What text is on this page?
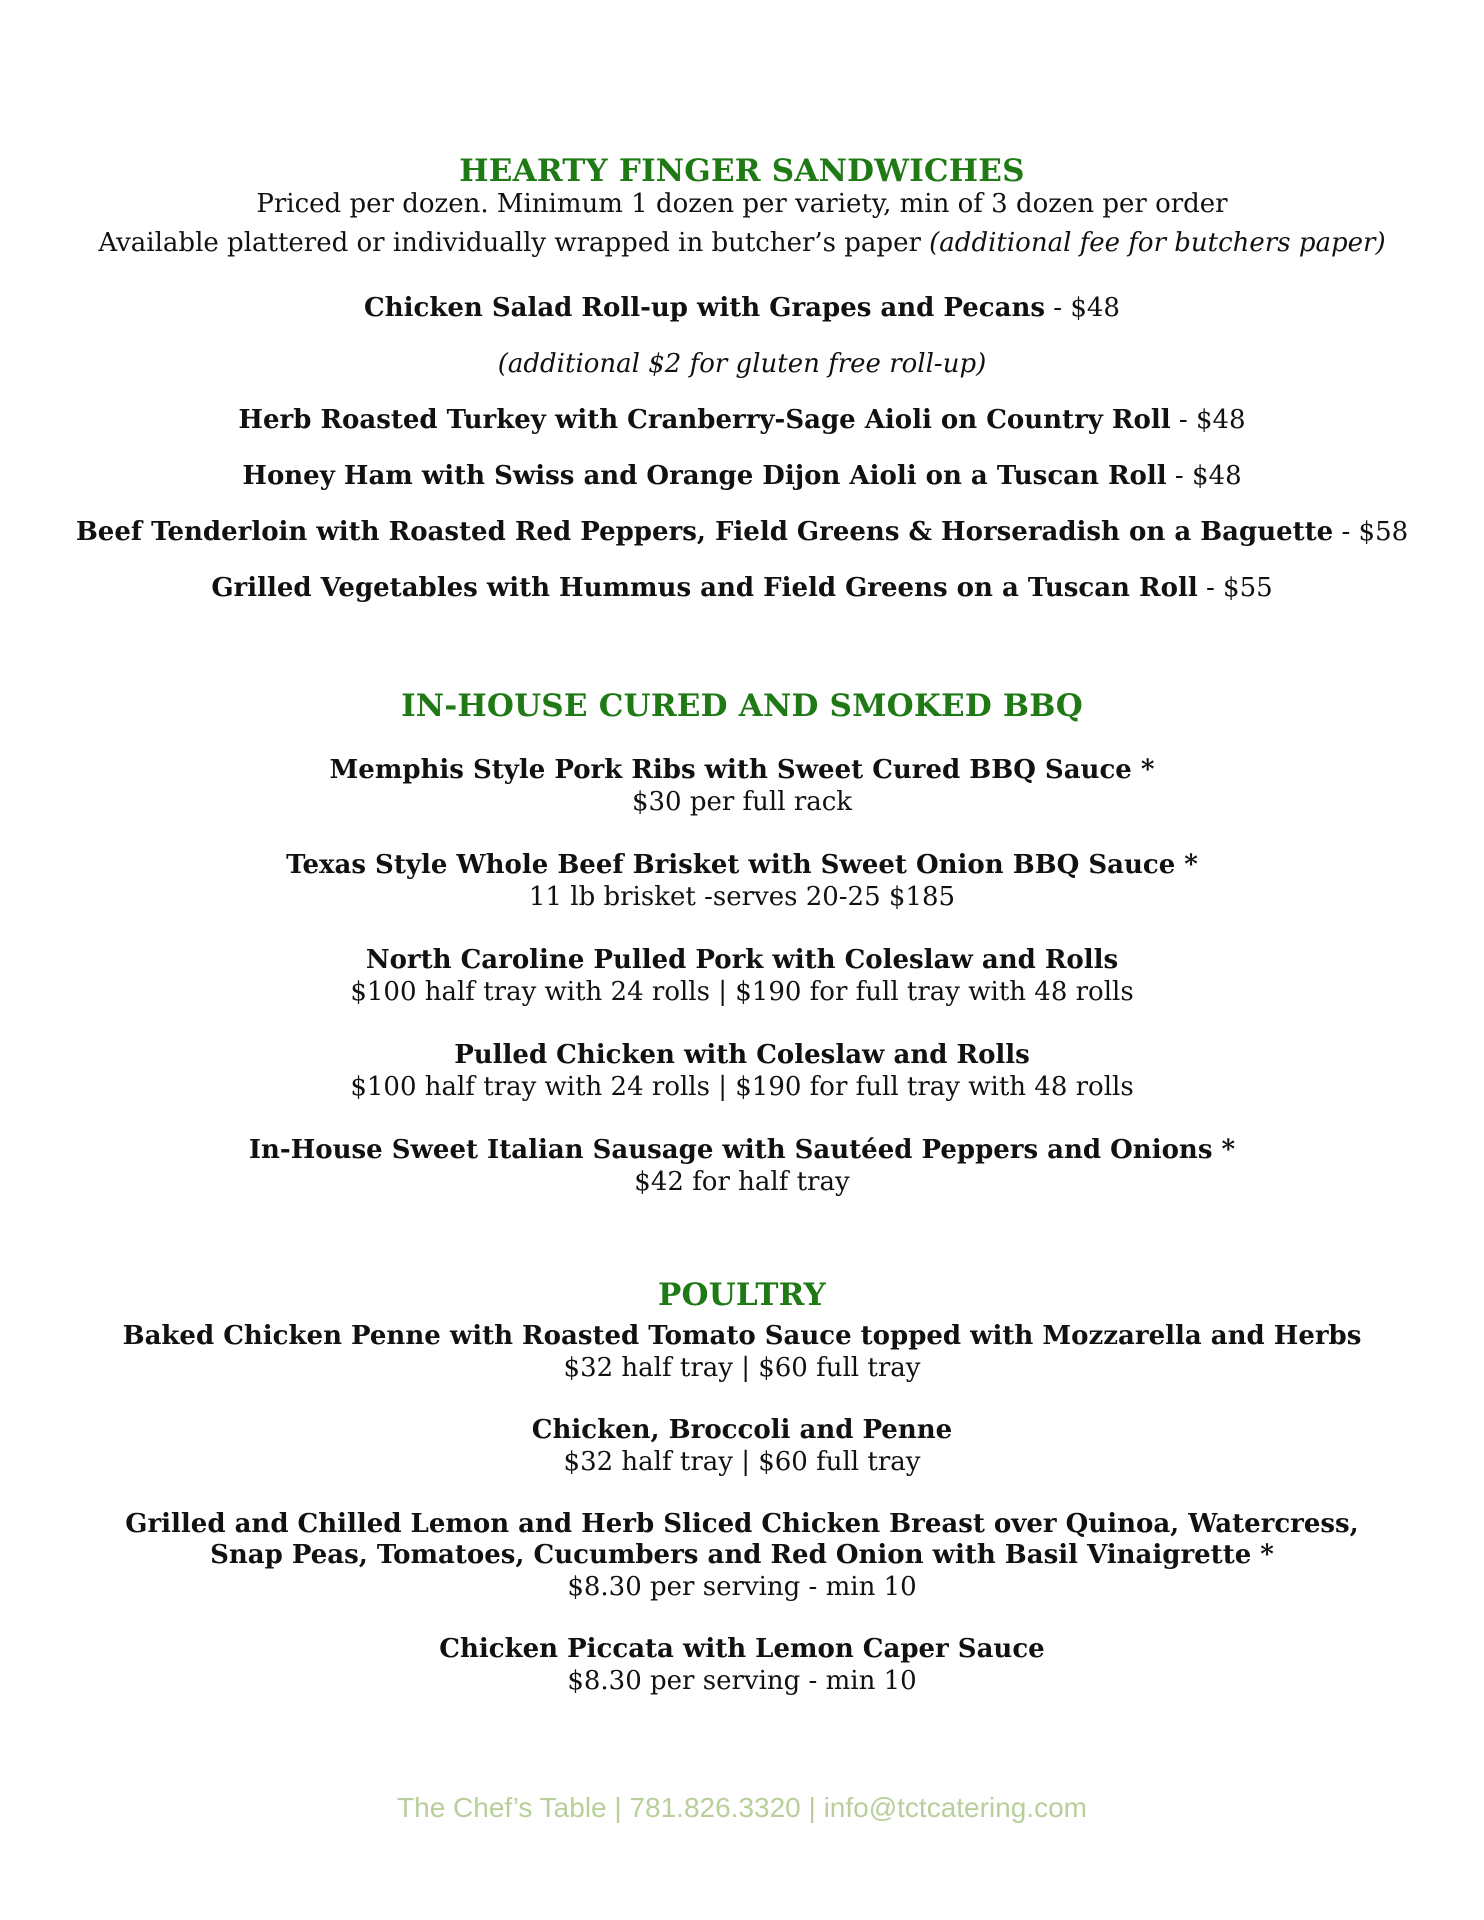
HEARTY FINGER SANDWICHES
Priced per dozen. Minimum 1 dozen per variety, min of 3 dozen per order
Available plattered or individually wrapped in butcher’s paper (additional fee for butchers paper)
Chicken Salad Roll-up with Grapes and Pecans - $48
(additional $2 for gluten free roll-up)
Herb Roasted Turkey with Cranberry-Sage Aioli on Country Roll - $48
Honey Ham with Swiss and Orange Dijon Aioli on a Tuscan Roll - $48
Beef Tenderloin with Roasted Red Peppers, Field Greens & Horseradish on a Baguette - $58
Grilled Vegetables with Hummus and Field Greens on a Tuscan Roll - $55
IN-HOUSE CURED AND SMOKED BBQ
Memphis Style Pork Ribs with Sweet Cured BBQ Sauce *
$30 per full rack
Texas Style Whole Beef Brisket with Sweet Onion BBQ Sauce *
11 lb brisket -serves 20-25 $185
North Caroline Pulled Pork with Coleslaw and Rolls
$100 half tray with 24 rolls | $190 for full tray with 48 rolls
Pulled Chicken with Coleslaw and Rolls
$100 half tray with 24 rolls | $190 for full tray with 48 rolls
In-House Sweet Italian Sausage with Sautéed Peppers and Onions *
$42 for half tray
POULTRY
Baked Chicken Penne with Roasted Tomato Sauce topped with Mozzarella and Herbs
$32 half tray | $60 full tray
Chicken, Broccoli and Penne
$32 half tray | $60 full tray
Grilled and Chilled Lemon and Herb Sliced Chicken Breast over Quinoa, Watercress,
Snap Peas, Tomatoes, Cucumbers and Red Onion with Basil Vinaigrette *
$8.30 per serving - min 10
Chicken Piccata with Lemon Caper Sauce
$8.30 per serving - min 10
The Chef’s Table | 781.826.3320 | info@tctcatering.com
